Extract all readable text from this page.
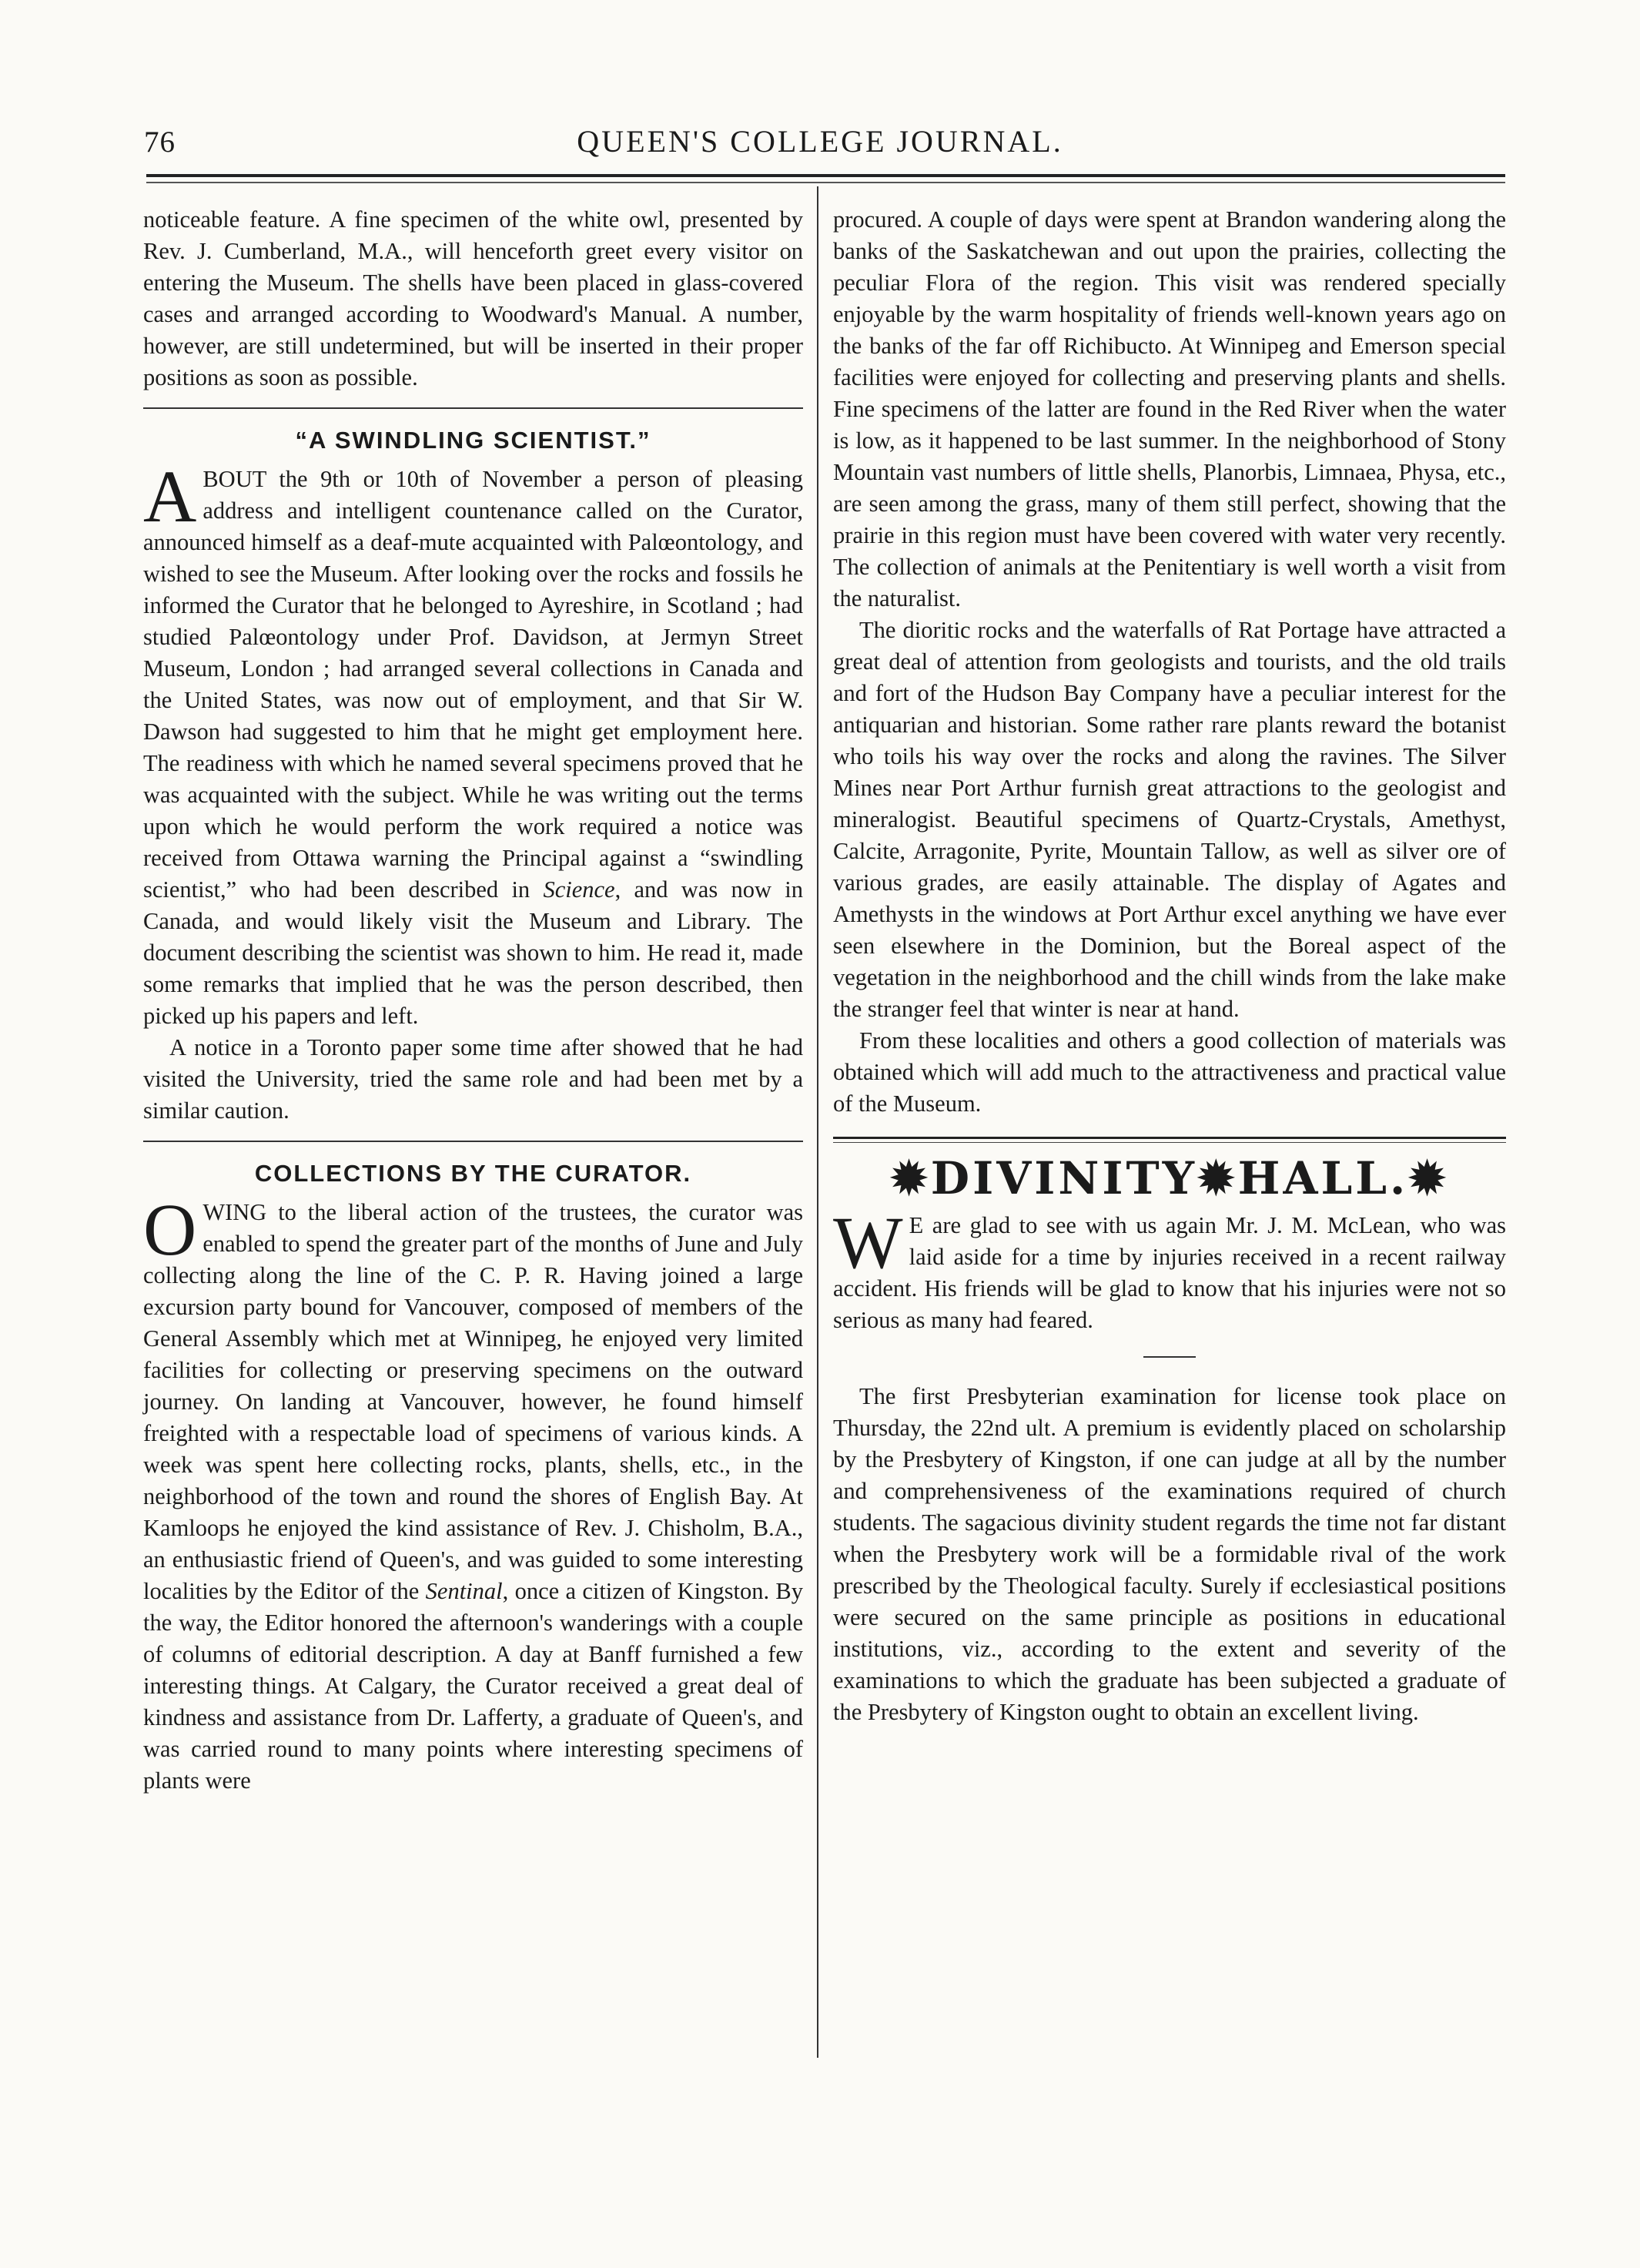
76	QUEEN'S COLLEGE JOURNAL.

noticeable feature. A fine specimen of the white owl, presented by Rev. J. Cumberland, M.A., will henceforth greet every visitor on entering the Museum. The shells have been placed in glass-covered cases and arranged according to Woodward's Manual. A number, however, are still undetermined, but will be inserted in their proper positions as soon as possible.

“A SWINDLING SCIENTIST.”

ABOUT the 9th or 10th of November a person of pleasing address and intelligent countenance called on the Curator, announced himself as a deaf-mute acquainted with Palœontology, and wished to see the Museum. After looking over the rocks and fossils he informed the Curator that he belonged to Ayreshire, in Scotland ; had studied Palœontology under Prof. Davidson, at Jermyn Street Museum, London ; had arranged several collections in Canada and the United States, was now out of employment, and that Sir W. Dawson had suggested to him that he might get employment here. The readiness with which he named several specimens proved that he was acquainted with the subject. While he was writing out the terms upon which he would perform the work required a notice was received from Ottawa warning the Principal against a “swindling scientist,” who had been described in Science, and was now in Canada, and would likely visit the Museum and Library. The document describing the scientist was shown to him. He read it, made some remarks that implied that he was the person described, then picked up his papers and left.

A notice in a Toronto paper some time after showed that he had visited the University, tried the same role and had been met by a similar caution.

COLLECTIONS BY THE CURATOR.

OWING to the liberal action of the trustees, the curator was enabled to spend the greater part of the months of June and July collecting along the line of the C. P. R. Having joined a large excursion party bound for Vancouver, composed of members of the General Assembly which met at Winnipeg, he enjoyed very limited facilities for collecting or preserving specimens on the outward journey. On landing at Vancouver, however, he found himself freighted with a respectable load of specimens of various kinds. A week was spent here collecting rocks, plants, shells, etc., in the neighborhood of the town and round the shores of English Bay. At Kamloops he enjoyed the kind assistance of Rev. J. Chisholm, B.A., an enthusiastic friend of Queen's, and was guided to some interesting localities by the Editor of the Sentinal, once a citizen of Kingston. By the way, the Editor honored the afternoon's wanderings with a couple of columns of editorial description. A day at Banff furnished a few interesting things. At Calgary, the Curator received a great deal of kindness and assistance from Dr. Lafferty, a graduate of Queen's, and was carried round to many points where interesting specimens of plants were

procured. A couple of days were spent at Brandon wandering along the banks of the Saskatchewan and out upon the prairies, collecting the peculiar Flora of the region. This visit was rendered specially enjoyable by the warm hospitality of friends well-known years ago on the banks of the far off Richibucto. At Winnipeg and Emerson special facilities were enjoyed for collecting and preserving plants and shells. Fine specimens of the latter are found in the Red River when the water is low, as it happened to be last summer. In the neighborhood of Stony Mountain vast numbers of little shells, Planorbis, Limnaea, Physa, etc., are seen among the grass, many of them still perfect, showing that the prairie in this region must have been covered with water very recently. The collection of animals at the Penitentiary is well worth a visit from the naturalist.

The dioritic rocks and the waterfalls of Rat Portage have attracted a great deal of attention from geologists and tourists, and the old trails and fort of the Hudson Bay Company have a peculiar interest for the antiquarian and historian. Some rather rare plants reward the botanist who toils his way over the rocks and along the ravines. The Silver Mines near Port Arthur furnish great attractions to the geologist and mineralogist. Beautiful specimens of Quartz-Crystals, Amethyst, Calcite, Arragonite, Pyrite, Mountain Tallow, as well as silver ore of various grades, are easily attainable. The display of Agates and Amethysts in the windows at Port Arthur excel anything we have ever seen elsewhere in the Dominion, but the Boreal aspect of the vegetation in the neighborhood and the chill winds from the lake make the stranger feel that winter is near at hand.

From these localities and others a good collection of materials was obtained which will add much to the attractiveness and practical value of the Museum.

✹DIVINITY✹HALL.✹

W E are glad to see with us again Mr. J. M. McLean, who was laid aside for a time by injuries received in a recent railway accident. His friends will be glad to know that his injuries were not so serious as many had feared.

The first Presbyterian examination for license took place on Thursday, the 22nd ult. A premium is evidently placed on scholarship by the Presbytery of Kingston, if one can judge at all by the number and comprehensiveness of the examinations required of church students. The sagacious divinity student regards the time not far distant when the Presbytery work will be a formidable rival of the work prescribed by the Theological faculty. Surely if ecclesiastical positions were secured on the same principle as positions in educational institutions, viz., according to the extent and severity of the examinations to which the graduate has been subjected a graduate of the Presbytery of Kingston ought to obtain an excellent living.
